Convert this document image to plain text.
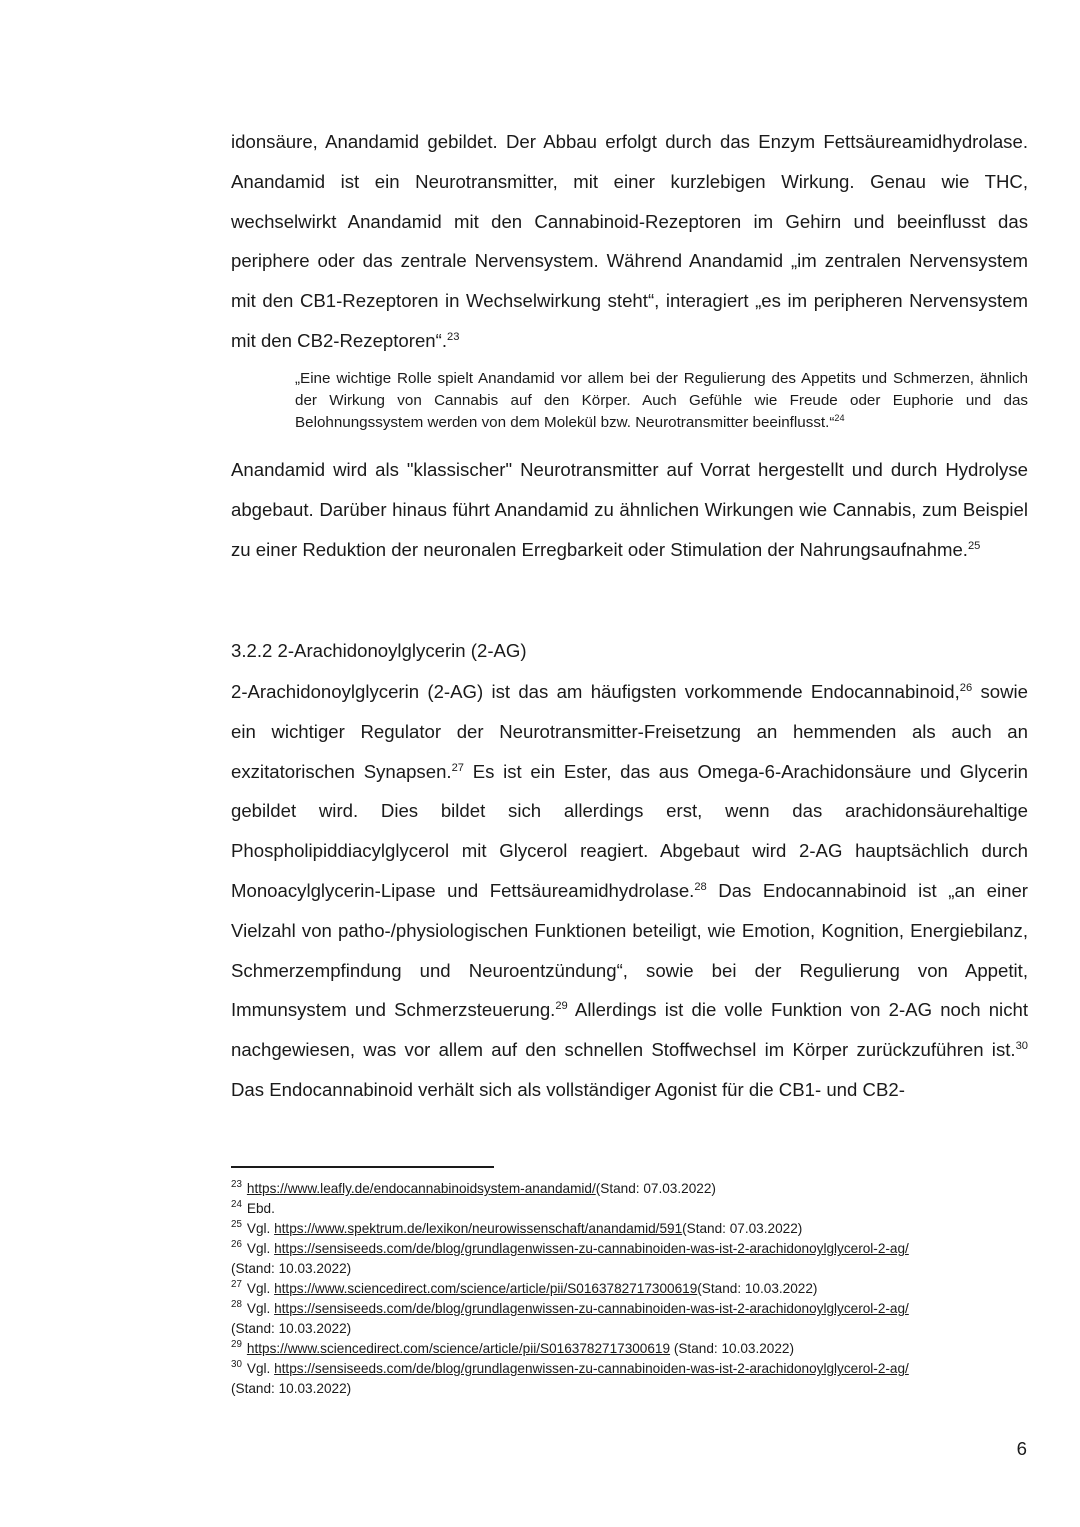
idonsäure, Anandamid gebildet. Der Abbau erfolgt durch das Enzym Fettsäureamidhydrolase. Anandamid ist ein Neurotransmitter, mit einer kurzlebigen Wirkung. Genau wie THC, wechselwirkt Anandamid mit den Cannabinoid-Rezeptoren im Gehirn und beeinflusst das periphere oder das zentrale Nervensystem. Während Anandamid „im zentralen Nervensystem mit den CB1-Rezeptoren in Wechselwirkung steht“, interagiert „es im peripheren Nervensystem mit den CB2-Rezeptoren“.$^{23}$

„Eine wichtige Rolle spielt Anandamid vor allem bei der Regulierung des Appetits und Schmerzen, ähnlich der Wirkung von Cannabis auf den Körper. Auch Gefühle wie Freude oder Euphorie und das Belohnungssystem werden von dem Molekül bzw. Neurotransmitter beeinflusst.“$^{24}$

Anandamid wird als "klassischer" Neurotransmitter auf Vorrat hergestellt und durch Hydrolyse abgebaut. Darüber hinaus führt Anandamid zu ähnlichen Wirkungen wie Cannabis, zum Beispiel zu einer Reduktion der neuronalen Erregbarkeit oder Stimulation der Nahrungsaufnahme.$^{25}$

3.2.2 2-Arachidonoylglycerin (2-AG)

2-Arachidonoylglycerin (2-AG) ist das am häufigsten vorkommende Endocannabinoid,$^{26}$ sowie ein wichtiger Regulator der Neurotransmitter-Freisetzung an hemmenden als auch an exzitatorischen Synapsen.$^{27}$ Es ist ein Ester, das aus Omega-6-Arachidonsäure und Glycerin gebildet wird. Dies bildet sich allerdings erst, wenn das arachidonsäurehaltige Phospholipiddiacylglycerol mit Glycerol reagiert. Abgebaut wird 2-AG hauptsächlich durch Monoacylglycerin-Lipase und Fettsäureamidhydrolase.$^{28}$ Das Endocannabinoid ist „an einer Vielzahl von patho-/physiologischen Funktionen beteiligt, wie Emotion, Kognition, Energiebilanz, Schmerzempfindung und Neuroentzündung“, sowie bei der Regulierung von Appetit, Immunsystem und Schmerzsteuerung.$^{29}$ Allerdings ist die volle Funktion von 2-AG noch nicht nachgewiesen, was vor allem auf den schnellen Stoffwechsel im Körper zurückzuführen ist.$^{30}$ Das Endocannabinoid verhält sich als vollständiger Agonist für die CB1- und CB2-

$^{23}$ https://www.leafly.de/endocannabinoidsystem-anandamid/(Stand: 07.03.2022)

$^{24}$ Ebd.

$^{25}$ Vgl. https://www.spektrum.de/lexikon/neurowissenschaft/anandamid/591(Stand: 07.03.2022)

$^{26}$ Vgl. https://sensiseeds.com/de/blog/grundlagenwissen-zu-cannabinoiden-was-ist-2-arachidonoylglycerol-2-ag/
(Stand: 10.03.2022)

$^{27}$ Vgl. https://www.sciencedirect.com/science/article/pii/S0163782717300619(Stand: 10.03.2022)

$^{28}$ Vgl. https://sensiseeds.com/de/blog/grundlagenwissen-zu-cannabinoiden-was-ist-2-arachidonoylglycerol-2-ag/
(Stand: 10.03.2022)

$^{29}$ https://www.sciencedirect.com/science/article/pii/S0163782717300619 (Stand: 10.03.2022)

$^{30}$ Vgl. https://sensiseeds.com/de/blog/grundlagenwissen-zu-cannabinoiden-was-ist-2-arachidonoylglycerol-2-ag/
(Stand: 10.03.2022)

6
